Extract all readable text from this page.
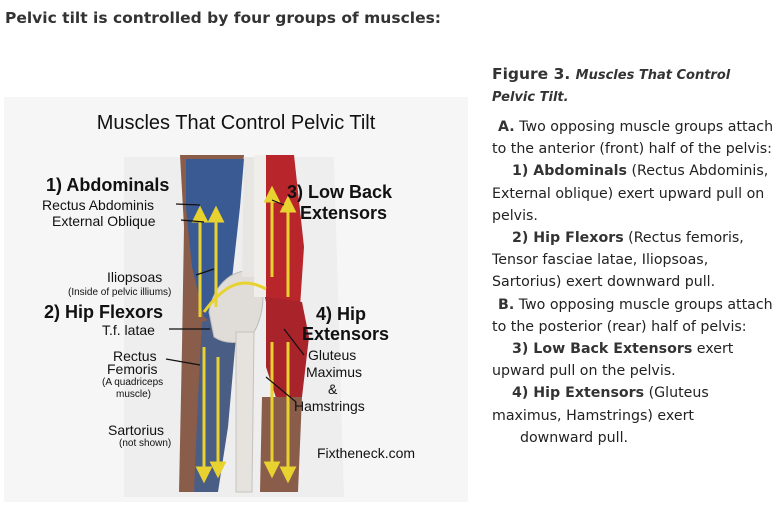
Pelvic tilt is controlled by four groups of muscles:
Muscles That Control Pelvic Tilt
1) Abdominals
Rectus Abdominis
External Oblique
Iliopsoas
(Inside of pelvic illiums)
2) Hip Flexors
T.f. latae
Rectus
Femoris
(A quadriceps
muscle)
Sartorius
(not shown)
3) Low Back
Extensors
4) Hip
Extensors
Gluteus
Maximus
&
Hamstrings
Fixtheneck.com
Figure 3. Muscles That Control
Pelvic Tilt.

A. Two opposing muscle groups attach to the anterior (front) half of the pelvis:

1) Abdominals (Rectus Abdominis, External oblique) exert upward pull on pelvis.

2) Hip Flexors (Rectus femoris, Tensor fasciae latae, Iliopsoas, Sartorius) exert downward pull.

B. Two opposing muscle groups attach to the posterior (rear) half of pelvis:

3) Low Back Extensors exert upward pull on the pelvis.

4) Hip Extensors (Gluteus maximus, Hamstrings) exert

downward pull.
